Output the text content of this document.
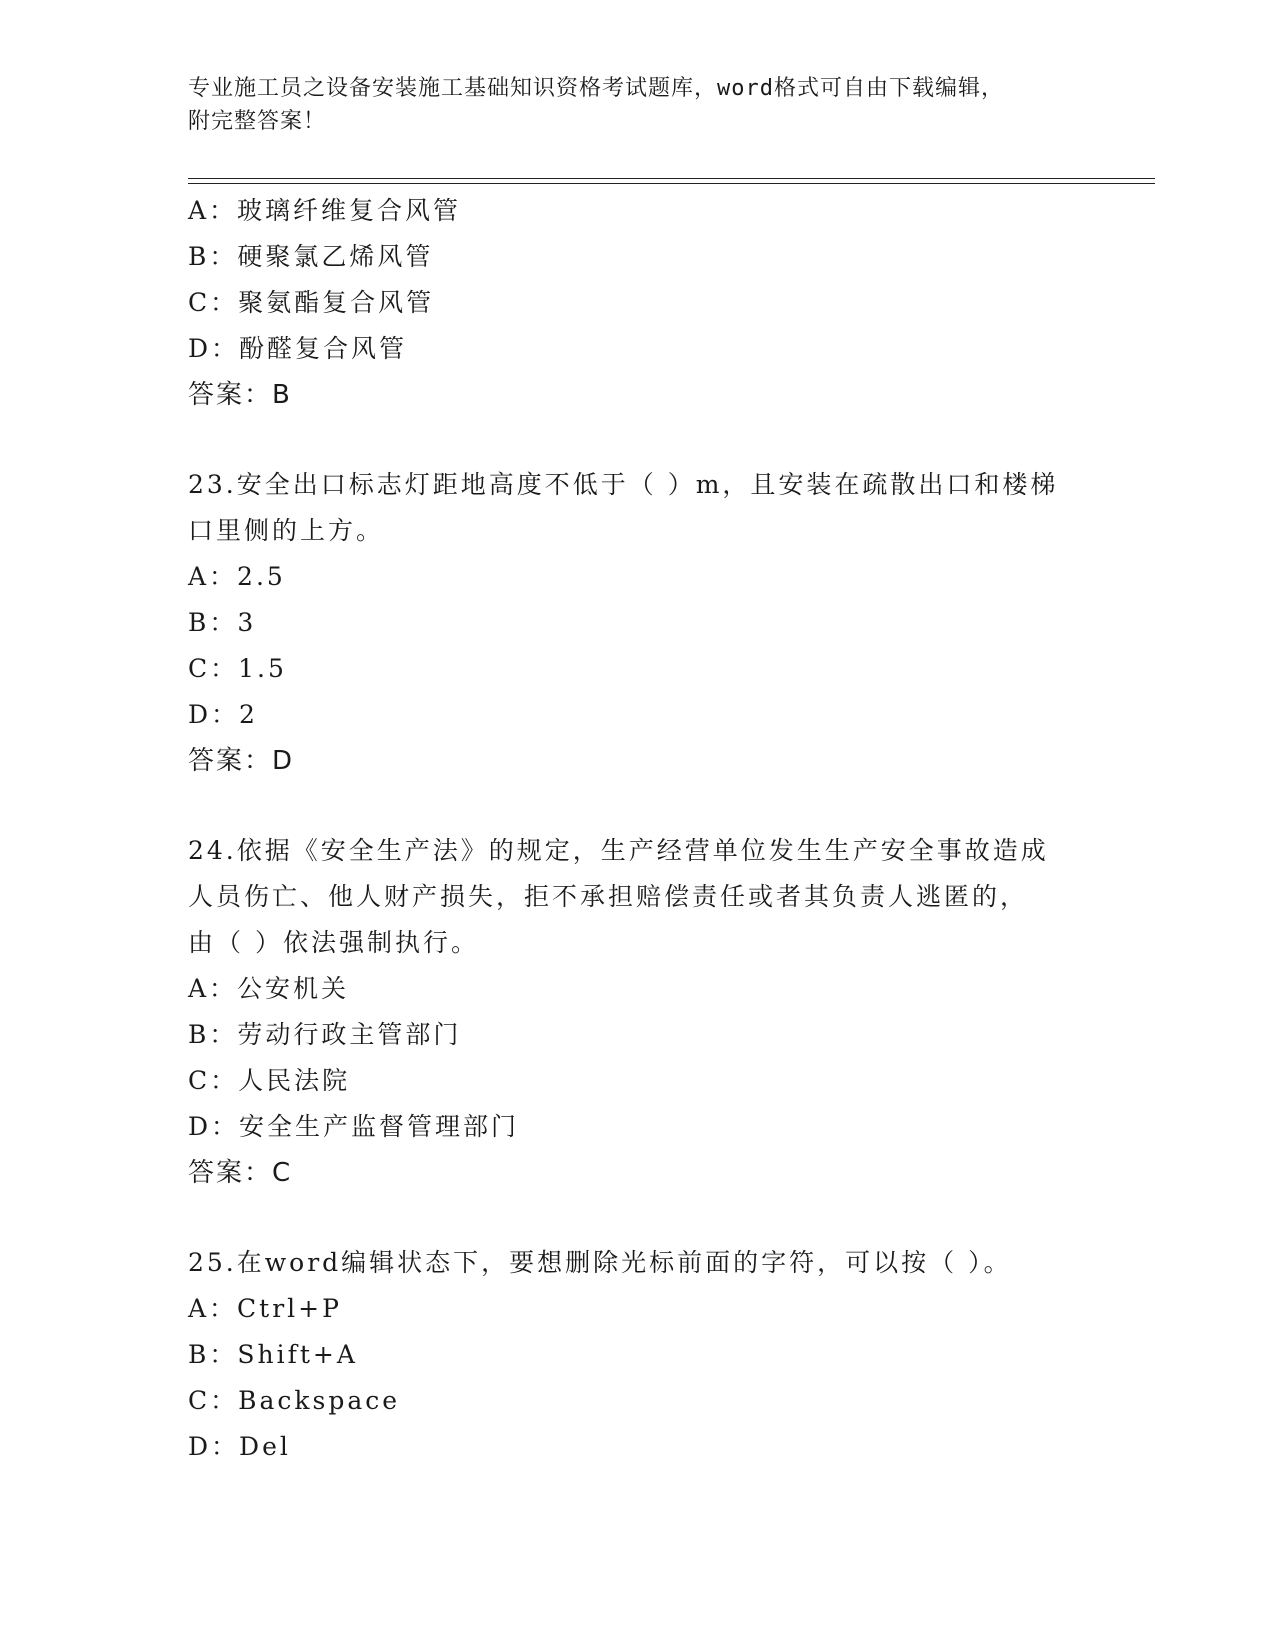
专业施工员之设备安装施工基础知识资格考试题库，word格式可自由下载编辑，
附完整答案！
A：玻璃纤维复合风管
B：硬聚氯乙烯风管
C：聚氨酯复合风管
D：酚醛复合风管
答案：B
23.安全出口标志灯距地高度不低于（ ）m，且安装在疏散出口和楼梯
口里侧的上方。
A：2.5
B：3
C：1.5
D：2
答案：D
24.依据《安全生产法》的规定，生产经营单位发生生产安全事故造成
人员伤亡、他人财产损失，拒不承担赔偿责任或者其负责人逃匿的，
由（ ）依法强制执行。
A：公安机关
B：劳动行政主管部门
C：人民法院
D：安全生产监督管理部门
答案：C
25.在word编辑状态下，要想删除光标前面的字符，可以按（ ）。
A：Ctrl+P
B：Shift+A
C：Backspace
D：Del
